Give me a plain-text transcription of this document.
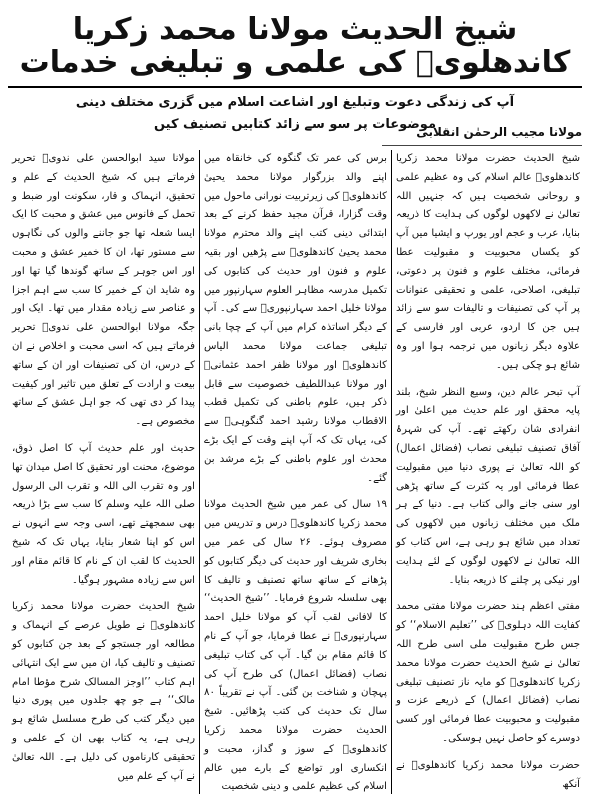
شیخ الحدیث مولانا محمد زکریا کاندھلویؒ کی علمی و تبلیغی خدمات
آپ کی زندگی دعوت وتبلیغ اور اشاعت اسلام میں گزری مختلف دینی موضوعات پر سو سے زائد کتابیں تصنیف کیں
مولانا مجیب الرحمٰن انقلابی

شیخ الحدیث حضرت مولانا محمد زکریا کاندھلویؒ عالم اسلام کی وہ عظیم علمی و روحانی شخصیت ہیں کہ جنہیں اللہ تعالیٰ نے لاکھوں لوگوں کی ہدایت کا ذریعہ بنایا، عرب و عجم اور یورپ و ایشیا میں آپ کو یکساں محبوبیت و مقبولیت عطا فرمائی، مختلف علوم و فنون پر دعوتی، تبلیغی، اصلاحی، علمی و تحقیقی عنوانات پر آپ کی تصنیفات و تالیفات سو سے زائد ہیں جن کا اردو، عربی اور فارسی کے علاوہ دیگر زبانوں میں ترجمہ ہوا اور وہ شائع ہو چکی ہیں۔

آپ تبحر عالم دین، وسیع النظر شیخ، بلند پایہ محقق اور علم حدیث میں اعلیٰ اور انفرادی شان رکھتے تھے۔ آپ کی شہرۂ آفاق تصنیف تبلیغی نصاب (فضائل اعمال) کو اللہ تعالیٰ نے پوری دنیا میں مقبولیت عطا فرمائی اور یہ کثرت کے ساتھ پڑھی اور سنی جانے والی کتاب ہے۔ دنیا کے ہر ملک میں مختلف زبانوں میں لاکھوں کی تعداد میں شائع ہو رہی ہے، اس کتاب کو اللہ تعالیٰ نے لاکھوں لوگوں کے لئے ہدایت اور نیکی پر چلنے کا ذریعہ بنایا۔

مفتی اعظم ہند حضرت مولانا مفتی محمد کفایت اللہ دہلویؒ کی ’’تعلیم الاسلام‘‘ کو جس طرح مقبولیت ملی اسی طرح اللہ تعالیٰ نے شیخ الحدیث حضرت مولانا محمد زکریا کاندھلویؒ کو مایہ ناز تصنیف تبلیغی نصاب (فضائل اعمال) کے ذریعے عزت و مقبولیت و محبوبیت عطا فرمائی اور کسی دوسرے کو حاصل نہیں ہوسکی۔

حضرت مولانا محمد زکریا کاندھلویؒ نے آنکھ

برس کی عمر تک گنگوہ کی خانقاہ میں اپنے والد بزرگوار مولانا محمد یحییٰ کاندھلویؒ کی زیرتربیت نورانی ماحول میں وقت گزارا، قرآن مجید حفظ کرنے کے بعد ابتدائی دینی کتب اپنے والد محترم مولانا محمد یحییٰ کاندھلویؒ سے پڑھیں اور بقیہ علوم و فنون اور حدیث کی کتابوں کی تکمیل مدرسہ مظاہر العلوم سہارنپور میں مولانا خلیل احمد سہارنپوریؒ سے کی۔ آپ کے دیگر اساتذہ کرام میں آپ کے چچا بانی تبلیغی جماعت مولانا محمد الیاس کاندھلویؒ اور مولانا ظفر احمد عثمانیؒ اور مولانا عبداللطیف خصوصیت سے قابل ذکر ہیں، علوم باطنی کی تکمیل قطب الاقطاب مولانا رشید احمد گنگوہیؒ سے کی، یہاں تک کہ آپ اپنے وقت کے ایک بڑے محدث اور علوم باطنی کے بڑے مرشد بن گئے۔

۱۹ سال کی عمر میں شیخ الحدیث مولانا محمد زکریا کاندھلویؒ درس و تدریس میں مصروف ہوئے۔ ۲۶ سال کی عمر میں بخاری شریف اور حدیث کی دیگر کتابوں کو پڑھانے کے ساتھ ساتھ تصنیف و تالیف کا بھی سلسلہ شروع فرمایا۔ ’’شیخ الحدیث‘‘ کا لافانی لقب آپ کو مولانا خلیل احمد سہارنپوریؒ نے عطا فرمایا، جو آپ کے نام کا قائم مقام بن گیا۔ آپ کی کتاب تبلیغی نصاب (فضائل اعمال) کی طرح آپ کی پہچان و شناخت بن گئی۔ آپ نے تقریباً ۸۰ سال تک حدیث کی کتب پڑھائیں۔ شیخ الحدیث حضرت مولانا محمد زکریا کاندھلویؒ کے سوز و گداز، محبت و انکساری اور تواضع کے بارے میں عالم اسلام کی عظیم علمی و دینی شخصیت

مولانا سید ابوالحسن علی ندویؒ تحریر فرماتے ہیں کہ شیخ الحدیث کے علم و تحقیق، انہماک و قار، سکونت اور ضبط و تحمل کے فانوس میں عشق و محبت کا ایک ایسا شعلہ تھا جو جاننے والوں کی نگاہوں سے مستور تھا، ان کا خمیر عشق و محبت اور اس جوہر کے ساتھ گوندھا گیا تھا اور وہ شاید ان کے خمیر کا سب سے اہم اجزا و عناصر سے زیادہ مقدار میں تھا۔ ایک اور جگہ مولانا ابوالحسن علی ندویؒ تحریر فرماتے ہیں کہ اسی محبت و اخلاص نے ان کے درس، ان کی تصنیفات اور ان کے ساتھ بیعت و ارادت کے تعلق میں تاثیر اور کیفیت پیدا کر دی تھی کہ جو اہل عشق کے ساتھ مخصوص ہے۔

حدیث اور علم حدیث آپ کا اصل ذوق، موضوع، محنت اور تحقیق کا اصل میدان تھا اور وہ تقرب الی اللہ و تقرب الی الرسول صلی اللہ علیہ وسلم کا سب سے بڑا ذریعہ بھی سمجھتے تھے، اسی وجہ سے انہوں نے اس کو اپنا شعار بنایا، یہاں تک کہ شیخ الحدیث کا لقب ان کے نام کا قائم مقام اور اس سے زیادہ مشہور ہوگیا۔

شیخ الحدیث حضرت مولانا محمد زکریا کاندھلویؒ نے طویل عرصے کے انہماک و مطالعہ اور جستجو کے بعد جن کتابوں کو تصنیف و تالیف کیا، ان میں سے ایک انتہائی اہم کتاب ’’اوجز المسالک شرح مؤطا امام مالک‘‘ ہے جو چھ جلدوں میں پوری دنیا میں دیگر کتب کی طرح مسلسل شائع ہو رہی ہے، یہ کتاب بھی ان کے علمی و تحقیقی کارناموں کی دلیل ہے۔ اللہ تعالیٰ نے آپ کے علم میں
